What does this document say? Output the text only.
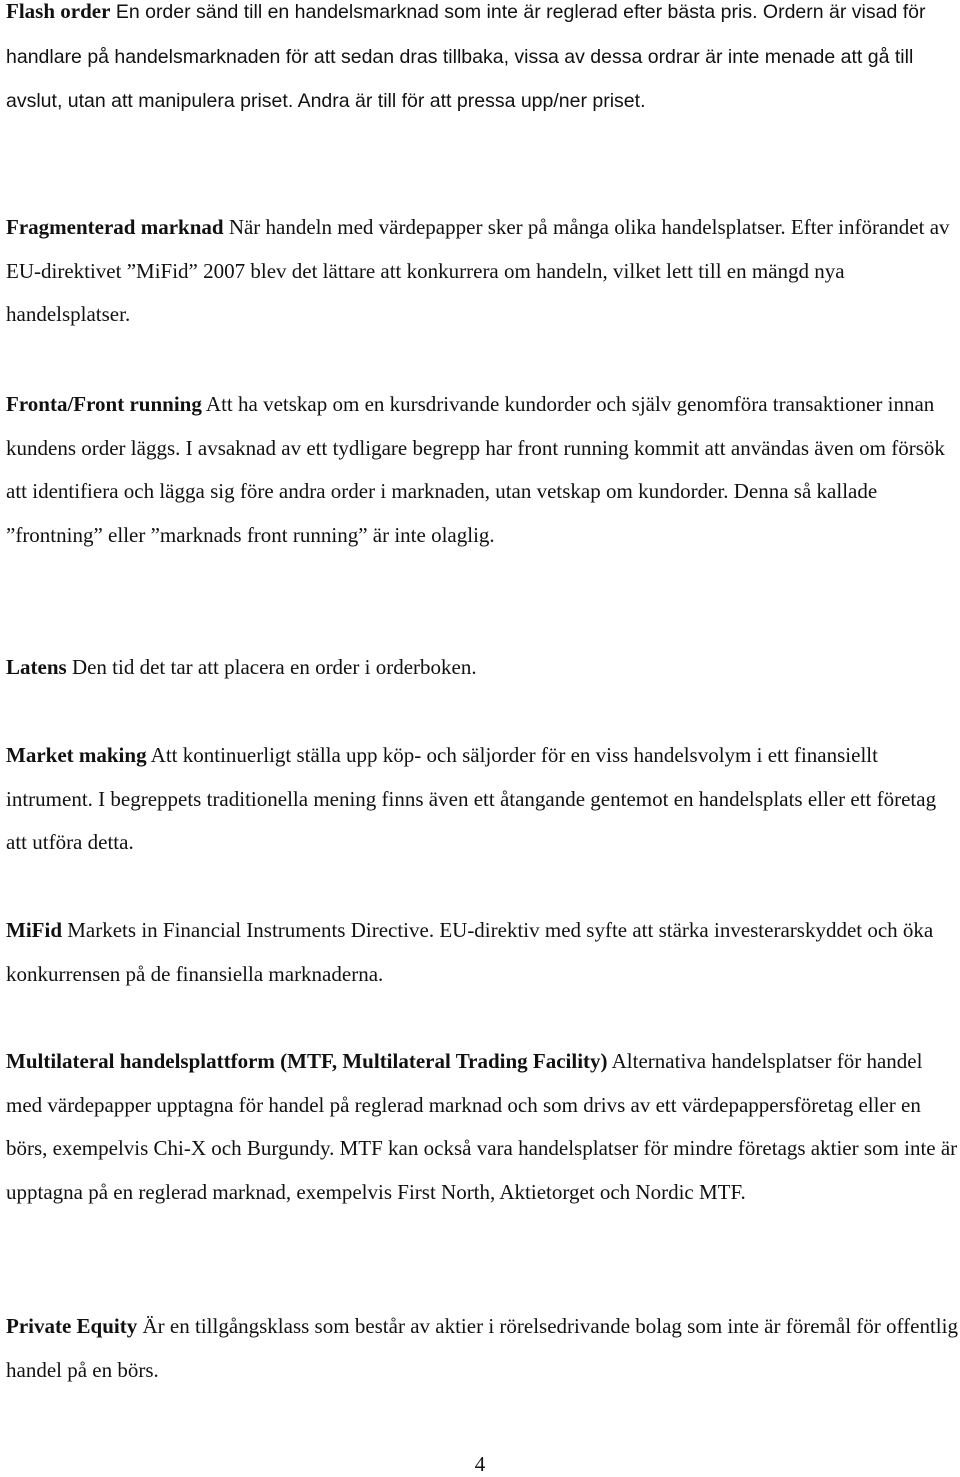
Flash order En order sänd till en handelsmarknad som inte är reglerad efter bästa pris. Ordern är visad för handlare på handelsmarknaden för att sedan dras tillbaka, vissa av dessa ordrar är inte menade att gå till avslut, utan att manipulera priset. Andra är till för att pressa upp/ner priset.

Fragmenterad marknad När handeln med värdepapper sker på många olika handelsplatser. Efter införandet av EU-direktivet ”MiFid” 2007 blev det lättare att konkurrera om handeln, vilket lett till en mängd nya handelsplatser.

Fronta/Front running Att ha vetskap om en kursdrivande kundorder och själv genomföra transaktioner innan kundens order läggs. I avsaknad av ett tydligare begrepp har front running kommit att användas även om försök att identifiera och lägga sig före andra order i marknaden, utan vetskap om kundorder. Denna så kallade ”frontning” eller ”marknads front running” är inte olaglig.

Latens Den tid det tar att placera en order i orderboken.

Market making Att kontinuerligt ställa upp köp- och säljorder för en viss handelsvolym i ett finansiellt intrument. I begreppets traditionella mening finns även ett åtangande gentemot en handelsplats eller ett företag att utföra detta.

MiFid Markets in Financial Instruments Directive. EU-direktiv med syfte att stärka investerarskyddet och öka konkurrensen på de finansiella marknaderna.

Multilateral handelsplattform (MTF, Multilateral Trading Facility) Alternativa handelsplatser för handel med värdepapper upptagna för handel på reglerad marknad och som drivs av ett värdepappersföretag eller en börs, exempelvis Chi-X och Burgundy. MTF kan också vara handelsplatser för mindre företags aktier som inte är upptagna på en reglerad marknad, exempelvis First North, Aktietorget och Nordic MTF.

Private Equity Är en tillgångsklass som består av aktier i rörelsedrivande bolag som inte är föremål för offentlig handel på en börs.

4
